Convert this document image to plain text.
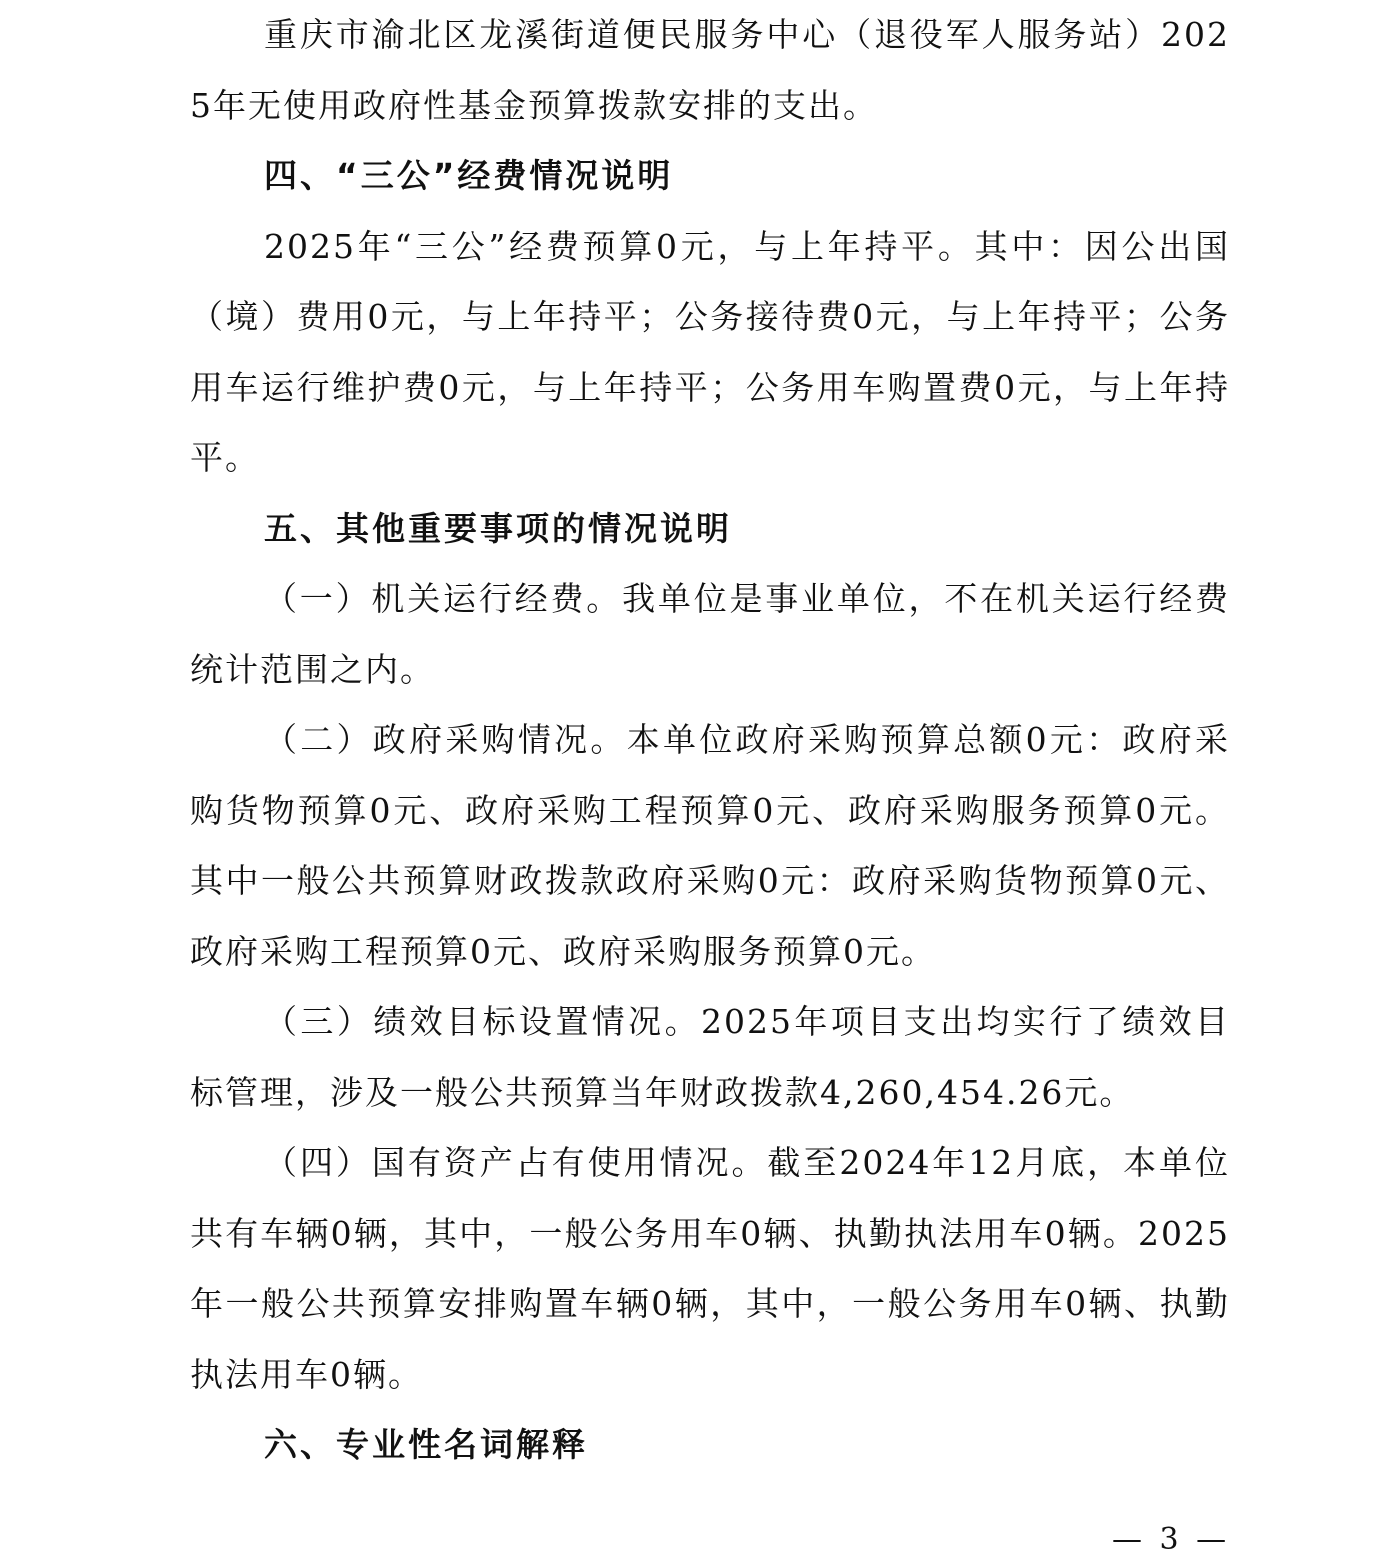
重庆市渝北区龙溪街道便民服务中心（退役军人服务站）2025年无使用政府性基金预算拨款安排的支出。

四、“三公”经费情况说明

2025年“三公”经费预算0元，与上年持平。其中：因公出国（境）费用0元，与上年持平；公务接待费0元，与上年持平；公务用车运行维护费0元，与上年持平；公务用车购置费0元，与上年持平。

五、其他重要事项的情况说明

（一）机关运行经费。我单位是事业单位，不在机关运行经费统计范围之内。

（二）政府采购情况。本单位政府采购预算总额0元：政府采购货物预算0元、政府采购工程预算0元、政府采购服务预算0元。其中一般公共预算财政拨款政府采购0元：政府采购货物预算0元、政府采购工程预算0元、政府采购服务预算0元。

（三）绩效目标设置情况。2025年项目支出均实行了绩效目标管理，涉及一般公共预算当年财政拨款4,260,454.26元。

（四）国有资产占有使用情况。截至2024年12月底，本单位共有车辆0辆，其中，一般公务用车0辆、执勤执法用车0辆。2025年一般公共预算安排购置车辆0辆，其中，一般公务用车0辆、执勤执法用车0辆。

六、专业性名词解释

— 3 —
